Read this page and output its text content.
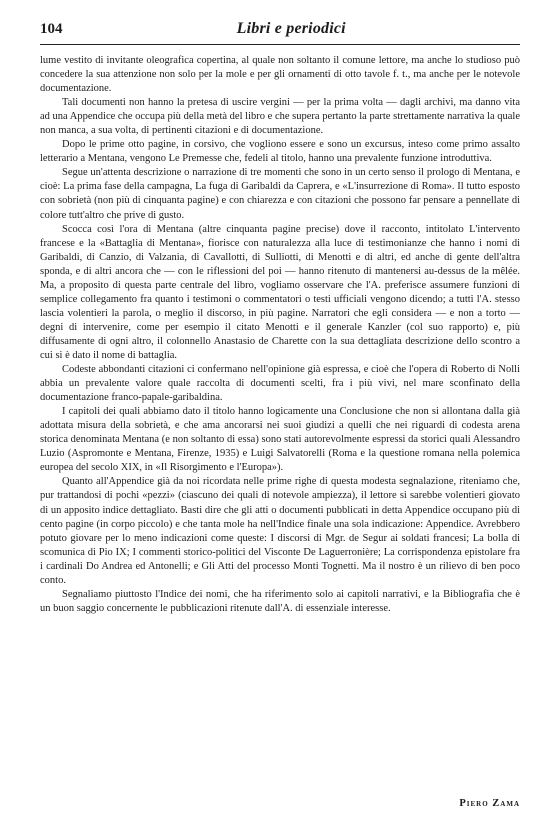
104	Libri e periodici

lume vestito di invitante oleografica copertina, al quale non soltanto il comune lettore, ma anche lo studioso può concedere la sua attenzione non solo per la mole e per gli ornamenti di otto tavole f. t., ma anche per le notevole documentazione.

Tali documenti non hanno la pretesa di uscire vergini — per la prima volta — dagli archivi, ma danno vita ad una Appendice che occupa più della metà del libro e che supera pertanto la parte strettamente narrativa la quale non manca, a sua volta, di pertinenti citazioni e di documentazione.

Dopo le prime otto pagine, in corsivo, che vogliono essere e sono un excursus, inteso come primo assalto letterario a Mentana, vengono Le Premesse che, fedeli al titolo, hanno una prevalente funzione introduttiva.

Segue un'attenta descrizione o narrazione di tre momenti che sono in un certo senso il prologo di Mentana, e cioè: La prima fase della campagna, La fuga di Garibaldi da Caprera, e «L'insurrezione di Roma». Il tutto esposto con sobrietà (non più di cinquanta pagine) e con chiarezza e con citazioni che possono far pensare a pennellate di colore tutt'altro che prive di gusto.

Scocca così l'ora di Mentana (altre cinquanta pagine precise) dove il racconto, intitolato L'intervento francese e la «Battaglia di Mentana», fiorisce con naturalezza alla luce di testimonianze che hanno i nomi di Garibaldi, di Canzio, di Valzania, di Cavallotti, di Sulliotti, di Menotti e di altri, ed anche di gente dell'altra sponda, e di altri ancora che — con le riflessioni del poi — hanno ritenuto di mantenersi au-dessus de la mêlée. Ma, a proposito di questa parte centrale del libro, vogliamo osservare che l'A. preferisce assumere funzioni di semplice collegamento fra quanto i testimoni o commentatori o testi ufficiali vengono dicendo; a tutti l'A. stesso lascia volentieri la parola, o meglio il discorso, in più pagine. Narratori che egli considera — e non a torto — degni di intervenire, come per esempio il citato Menotti e il generale Kanzler (col suo rapporto) e, più diffusamente di ogni altro, il colonnello Anastasio de Charette con la sua dettagliata descrizione dello scontro a cui si è dato il nome di battaglia.

Codeste abbondanti citazioni ci confermano nell'opinione già espressa, e cioè che l'opera di Roberto di Nolli abbia un prevalente valore quale raccolta di documenti scelti, fra i più vivi, nel mare sconfinato della documentazione franco-papale-garibaldina.

I capitoli dei quali abbiamo dato il titolo hanno logicamente una Conclusione che non si allontana dalla già adottata misura della sobrietà, e che ama ancorarsi nei suoi giudizi a quelli che nei riguardi di codesta arena storica denominata Mentana (e non soltanto di essa) sono stati autorevolmente espressi da storici quali Alessandro Luzio (Aspromonte e Mentana, Firenze, 1935) e Luigi Salvatorelli (Roma e la questione romana nella polemica europea del secolo XIX, in «Il Risorgimento e l'Europa»).

Quanto all'Appendice già da noi ricordata nelle prime righe di questa modesta segnalazione, riteniamo che, pur trattandosi di pochi «pezzi» (ciascuno dei quali di notevole ampiezza), il lettore si sarebbe volentieri giovato di un apposito indice dettagliato. Basti dire che gli atti o documenti pubblicati in detta Appendice occupano più di cento pagine (in corpo piccolo) e che tanta mole ha nell'Indice finale una sola indicazione: Appendice. Avrebbero potuto giovare per lo meno indicazioni come queste: I discorsi di Mgr. de Segur ai soldati francesi; La bolla di scomunica di Pio IX; I commenti storico-politici del Visconte De Laguerronière; La corrispondenza epistolare fra i cardinali Do Andrea ed Antonelli; e Gli Atti del processo Monti Tognetti. Ma il nostro è un rilievo di ben poco conto.

Segnaliamo piuttosto l'Indice dei nomi, che ha riferimento solo ai capitoli narrativi, e la Bibliografia che è un buon saggio concernente le pubblicazioni ritenute dall'A. di essenziale interesse.

Piero Zama
